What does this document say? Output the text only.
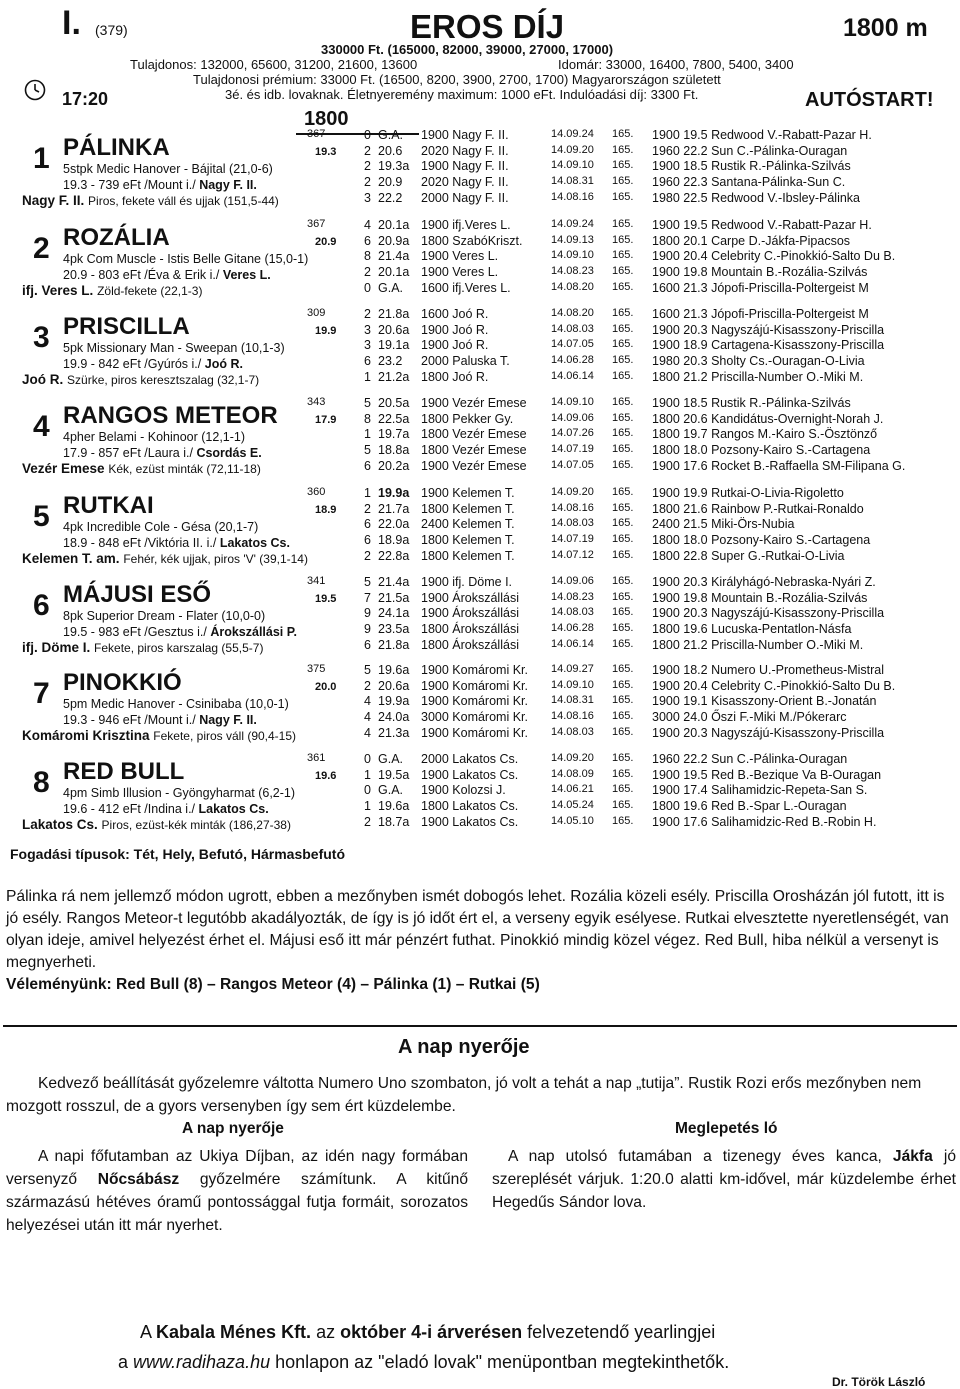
I. (379)	EROS DÍJ	1800 m
330000 Ft. (165000, 82000, 39000, 27000, 17000)
Tulajdonos: 132000, 65600, 31200, 21600, 13600	Idomár: 33000, 16400, 7800, 5400, 3400
Tulajdonosi prémium: 33000 Ft. (16500, 8200, 3900, 2700, 1700) Magyarországon született
3é. és idb. lovaknak. Életnyeremény maximum: 1000 eFt. Indulóadási díj: 3300 Ft.
17:20	AUTÓSTART!
1800
1 PÁLINKA	367
19.3
5stpk Medic Hanover - Bájital (21,0-6)
19.3 - 739 eFt /Mount i./ Nagy F. II.
Nagy F. II. Piros, fekete váll és ujjak (151,5-44)
0 G.A. 1900 Nagy F. II.	14.09.24 165. 1900 19.5 Redwood V.-Rabatt-Pazar H.
2 20.6 2020 Nagy F. II.	14.09.20 165. 1960 22.2 Sun C.-Pálinka-Ouragan
2 19.3a 1900 Nagy F. II.	14.09.10 165. 1900 18.5 Rustik R.-Pálinka-Szilvás
2 20.9 2020 Nagy F. II.	14.08.31 165. 1960 22.3 Santana-Pálinka-Sun C.
3 22.2 2000 Nagy F. II.	14.08.16 165. 1980 22.5 Redwood V.-Ibsley-Pálinka
2 ROZÁLIA	367
20.9
4pk Com Muscle - Istis Belle Gitane (15,0-1)
20.9 - 803 eFt /Éva & Erik i./ Veres L.
ifj. Veres L. Zöld-fekete (22,1-3)
4 20.1a 1900 ifj.Veres L.	14.09.24 165. 1900 19.5 Redwood V.-Rabatt-Pazar H.
6 20.9a 1800 SzabóKriszt.	14.09.13 165. 1800 20.1 Carpe D.-Jákfa-Pipacsos
8 21.4a 1900 Veres L.	14.09.10 165. 1900 20.4 Celebrity C.-Pinokkió-Salto Du B.
2 20.1a 1900 Veres L.	14.08.23 165. 1900 19.8 Mountain B.-Rozália-Szilvás
0 G.A. 1600 ifj.Veres L.	14.08.20 165. 1600 21.3 Jópofi-Priscilla-Poltergeist M
3 PRISCILLA	309
19.9
5pk Missionary Man - Sweepan (10,1-3)
19.9 - 842 eFt /Gyúrós i./ Joó R.
Joó R. Szürke, piros keresztszalag (32,1-7)
2 21.8a 1600 Joó R.	14.08.20 165. 1600 21.3 Jópofi-Priscilla-Poltergeist M
3 20.6a 1900 Joó R.	14.08.03 165. 1900 20.3 Nagyszájú-Kisasszony-Priscilla
3 19.1a 1900 Joó R.	14.07.05 165. 1900 18.9 Cartagena-Kisasszony-Priscilla
6 23.2 2000 Paluska T.	14.06.28 165. 1980 20.3 Sholty Cs.-Ouragan-O-Livia
1 21.2a 1800 Joó R.	14.06.14 165. 1800 21.2 Priscilla-Number O.-Miki M.
4 RANGOS METEOR	343
17.9
4pher Belami - Kohinoor (12,1-1)
17.9 - 857 eFt /Laura i./ Csordás E.
Vezér Emese Kék, ezüst minták (72,11-18)
5 20.5a 1900 Vezér Emese 14.09.10 165. 1900 18.5 Rustik R.-Pálinka-Szilvás
8 22.5a 1800 Pekker Gy.	14.09.06 165. 1800 20.6 Kandidátus-Overnight-Norah J.
1 19.7a 1800 Vezér Emese 14.07.26 165. 1800 19.7 Rangos M.-Kairo S.-Ösztönző
5 18.8a 1800 Vezér Emese 14.07.19 165. 1800 18.0 Pozsony-Kairo S.-Cartagena
6 20.2a 1900 Vezér Emese 14.07.05 165. 1900 17.6 Rocket B.-Raffaella SM-Filipana G.
5 RUTKAI	360
18.9
4pk Incredible Cole - Gésa (20,1-7)
18.9 - 848 eFt /Viktória II. i./ Lakatos Cs.
Kelemen T. am. Fehér, kék ujjak, piros 'V' (39,1-14)
1 19.9a 1900 Kelemen T.	14.09.20 165. 1900 19.9 Rutkai-O-Livia-Rigoletto
2 21.7a 1800 Kelemen T.	14.08.16 165. 1800 21.6 Rainbow P.-Rutkai-Ronaldo
6 22.0a 2400 Kelemen T.	14.08.03 165. 2400 21.5 Miki-Örs-Nubia
6 18.9a 1800 Kelemen T.	14.07.19 165. 1800 18.0 Pozsony-Kairo S.-Cartagena
2 22.8a 1800 Kelemen T.	14.07.12 165. 1800 22.8 Super G.-Rutkai-O-Livia
6 MÁJUSI ESŐ	341
19.5
8pk Superior Dream - Flater (10,0-0)
19.5 - 983 eFt /Gesztus i./ Árokszállási P.
ifj. Döme I. Fekete, piros karszalag (55,5-7)
5 21.4a 1900 ifj. Döme I.	14.09.06 165. 1900 20.3 Királyhágó-Nebraska-Nyári Z.
7 21.5a 1900 Árokszállási	14.08.23 165. 1900 19.8 Mountain B.-Rozália-Szilvás
9 24.1a 1900 Árokszállási	14.08.03 165. 1900 20.3 Nagyszájú-Kisasszony-Priscilla
9 23.5a 1800 Árokszállási	14.06.28 165. 1800 19.6 Lucuska-Pentatlon-Násfa
6 21.8a 1800 Árokszállási	14.06.14 165. 1800 21.2 Priscilla-Number O.-Miki M.
7 PINOKKIÓ	375
20.0
5pm Medic Hanover - Csinibaba (10,0-1)
19.3 - 946 eFt /Mount i./ Nagy F. II.
Komáromi Krisztina Fekete, piros váll (90,4-15)
5 19.6a 1900 Komáromi Kr. 14.09.27 165. 1900 18.2 Numero U.-Prometheus-Mistral
2 20.6a 1900 Komáromi Kr. 14.09.10 165. 1900 20.4 Celebrity C.-Pinokkió-Salto Du B.
4 19.9a 1900 Komáromi Kr. 14.08.31 165. 1900 19.1 Kisasszony-Orient B.-Jonatán
4 24.0a 3000 Komáromi Kr. 14.08.16 165. 3000 24.0 Őszi F.-Miki M./Pókerarc
4 21.3a 1900 Komáromi Kr. 14.08.03 165. 1900 20.3 Nagyszájú-Kisasszony-Priscilla
8 RED BULL	361
19.6
4pm Simb Illusion - Gyöngyharmat (6,2-1)
19.6 - 412 eFt /Indina i./ Lakatos Cs.
Lakatos Cs. Piros, ezüst-kék minták (186,27-38)
0 G.A. 2000 Lakatos Cs.	14.09.20 165. 1960 22.2 Sun C.-Pálinka-Ouragan
1 19.5a 1900 Lakatos Cs.	14.08.09 165. 1900 19.5 Red B.-Bezique Va B-Ouragan
0 G.A. 1900 Kolozsi J.	14.06.21 165. 1900 17.4 Salihamidzic-Repeta-San S.
1 19.6a 1800 Lakatos Cs.	14.05.24 165. 1800 19.6 Red B.-Spar L.-Ouragan
2 18.7a 1900 Lakatos Cs.	14.05.10 165. 1900 17.6 Salihamidzic-Red B.-Robin H.
Fogadási típusok: Tét, Hely, Befutó, Hármasbefutó
Pálinka rá nem jellemző módon ugrott, ebben a mezőnyben ismét dobogós lehet. Rozália közeli esély. Priscilla Orosházán jól futott, itt is jó esély. Rangos Meteor-t legutóbb akadályozták, de így is jó időt ért el, a verseny egyik esélyese. Rutkai elvesztette nyeretlenségét, van olyan ideje, amivel helyezést érhet el. Májusi eső itt már pénzért futhat. Pinokkió mindig közel végez. Red Bull, hiba nélkül a versenyt is megnyerheti.
Véleményünk: Red Bull (8) – Rangos Meteor (4) – Pálinka (1) – Rutkai (5)
A nap nyerője
Kedvező beállítását győzelemre váltotta Numero Uno szombaton, jó volt a tehát a nap „tutija”. Rustik Rozi erős mezőnyben nem mozgott rosszul, de a gyors versenyben így sem ért küzdelembe.
A nap nyerője
A napi főfutamban az Ukiya Díjban, az idén nagy formában versenyző Nőcsábász győzelmére számítunk. A kitűnő származású hétéves óramű pontossággal futja formáit, sorozatos helyezései után itt már nyerhet.
Meglepetés ló
A nap utolsó futamában a tizenegy éves kanca, Jákfa jó szereplését várjuk. 1:20.0 alatti km-idővel, már küzdelembe érhet Hegedűs Sándor lova.
A Kabala Ménes Kft. az október 4-i árverésen felvezetendő yearlingjei
a www.radihaza.hu honlapon az "eladó lovak" menüpontban megtekinthetők.
Dr. Török László
